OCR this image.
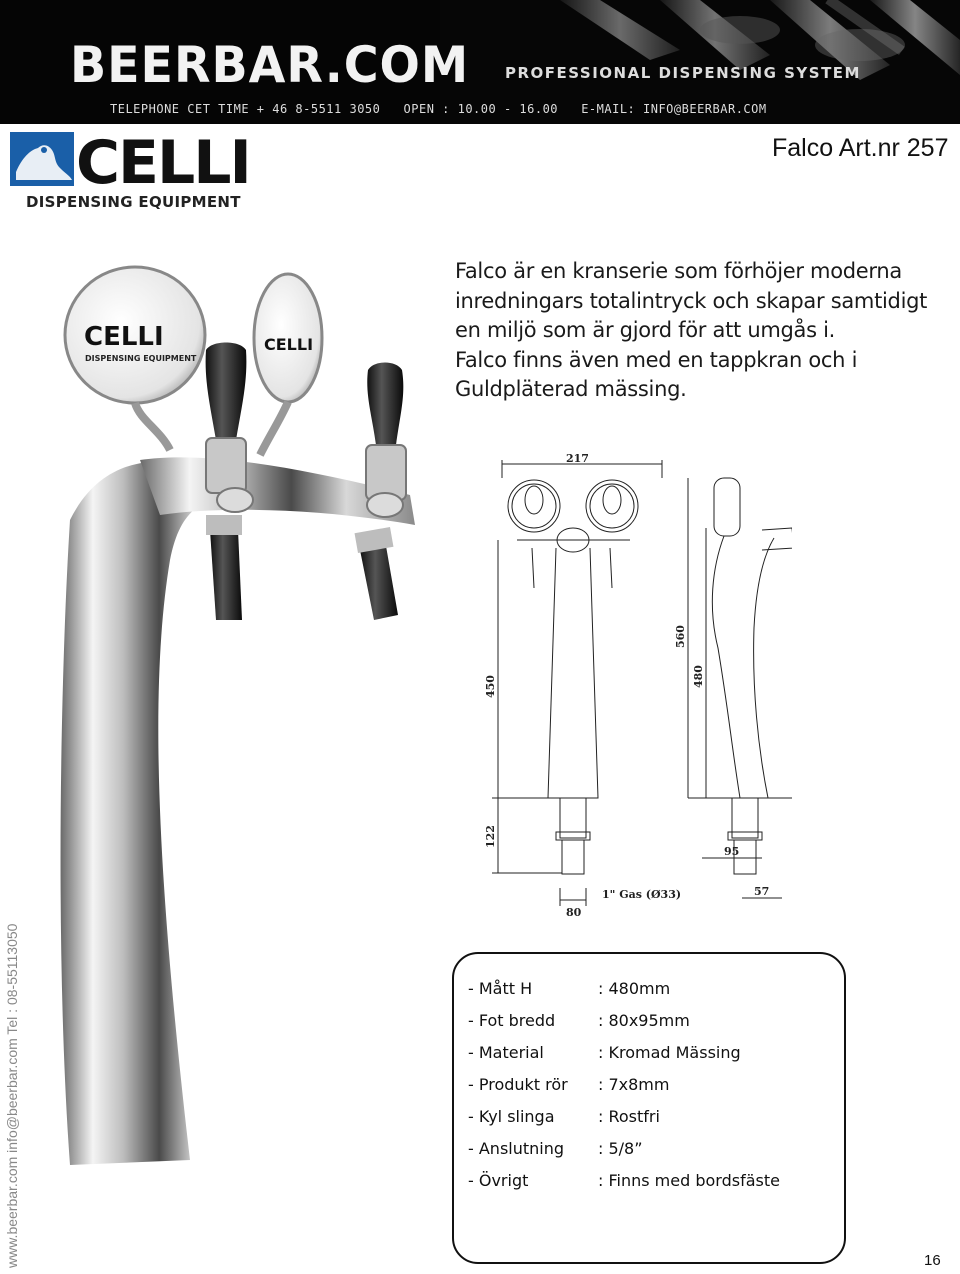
BEERBAR.COM PROFESSIONAL DISPENSING SYSTEM
TELEPHONE CET TIME + 46 8-5511 3050   OPEN : 10.00 - 16.00   E-MAIL: INFO@BEERBAR.COM
CELLI
DISPENSING EQUIPMENT
Falco Art.nr 257

Falco är en kranserie som förhöjer moderna inredningars totalintryck och skapar samtidigt en miljö som är gjord för att umgås i.

Falco finns även med en tappkran och i Guldpläterad mässing.

CELLI
DISPENSING EQUIPMENT
CELLI
217
560
480
450
122
95
1" Gas (Ø33)	57
80
www.beerbar.com info@beerbar.com Tel : 08-55113050	- Mått H	: 480mm
- Fot bredd	: 80x95mm
- Material	: Kromad Mässing
- Produkt rör	: 7x8mm
- Kyl slinga	: Rostfri
- Anslutning	: 5/8”
- Övrigt	: Finns med bordsfäste
16
